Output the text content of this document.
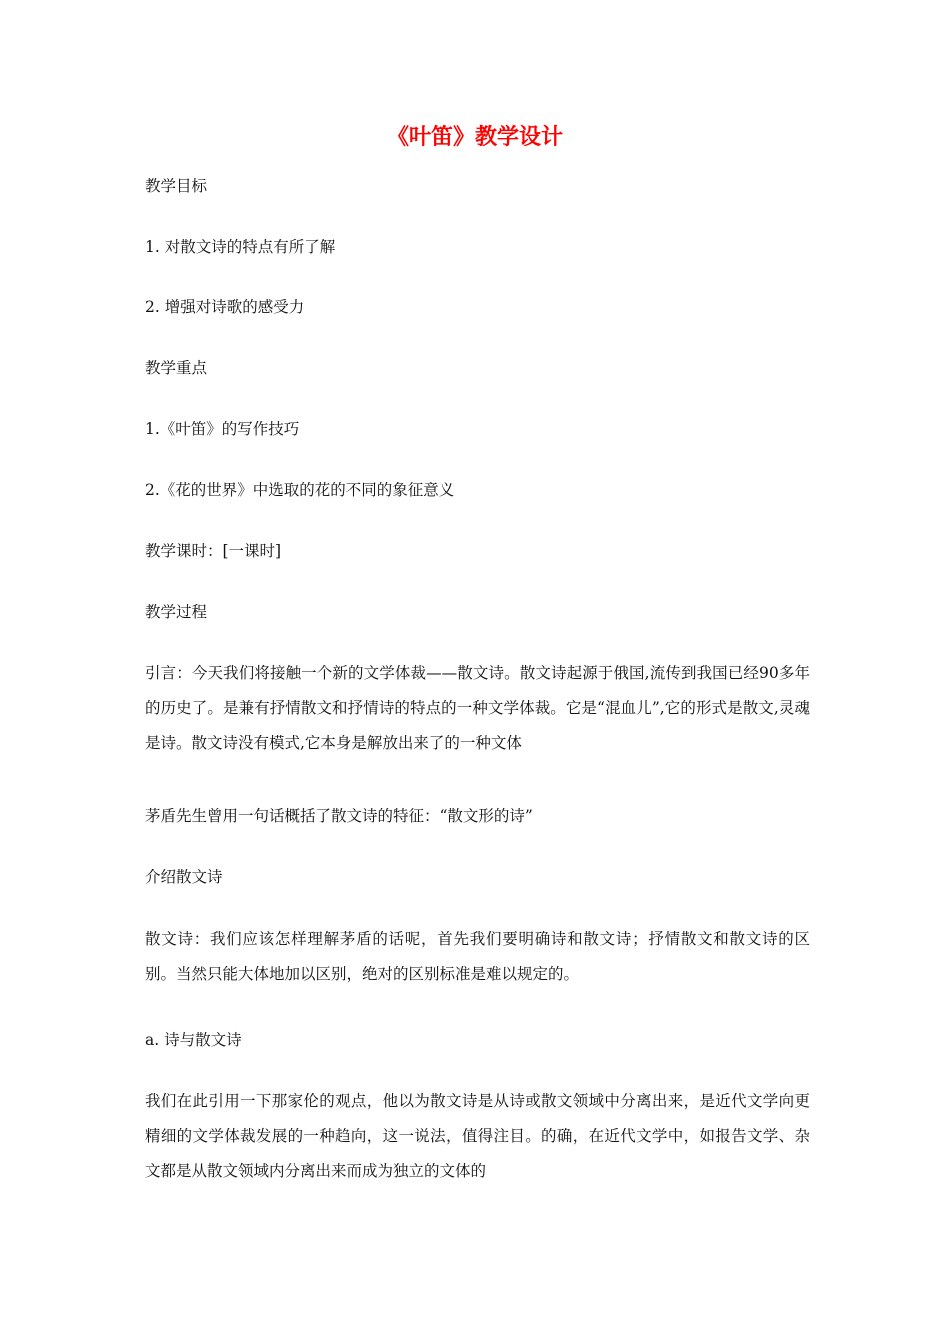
《叶笛》教学设计

教学目标

1. 对散文诗的特点有所了解

2. 增强对诗歌的感受力

教学重点

1.《叶笛》的写作技巧

2.《花的世界》中选取的花的不同的象征意义

教学课时：[一课时]

教学过程

引言：今天我们将接触一个新的文学体裁——散文诗。散文诗起源于俄国,流传到我国已经90多年的历史了。是兼有抒情散文和抒情诗的特点的一种文学体裁。它是“混血儿”,它的形式是散文,灵魂是诗。散文诗没有模式,它本身是解放出来了的一种文体

茅盾先生曾用一句话概括了散文诗的特征：“散文形的诗”

介绍散文诗

散文诗：我们应该怎样理解茅盾的话呢，首先我们要明确诗和散文诗；抒情散文和散文诗的区别。当然只能大体地加以区别，绝对的区别标准是难以规定的。

a. 诗与散文诗

我们在此引用一下那家伦的观点，他以为散文诗是从诗或散文领域中分离出来，是近代文学向更精细的文学体裁发展的一种趋向，这一说法，值得注目。的确，在近代文学中，如报告文学、杂文都是从散文领域内分离出来而成为独立的文体的
